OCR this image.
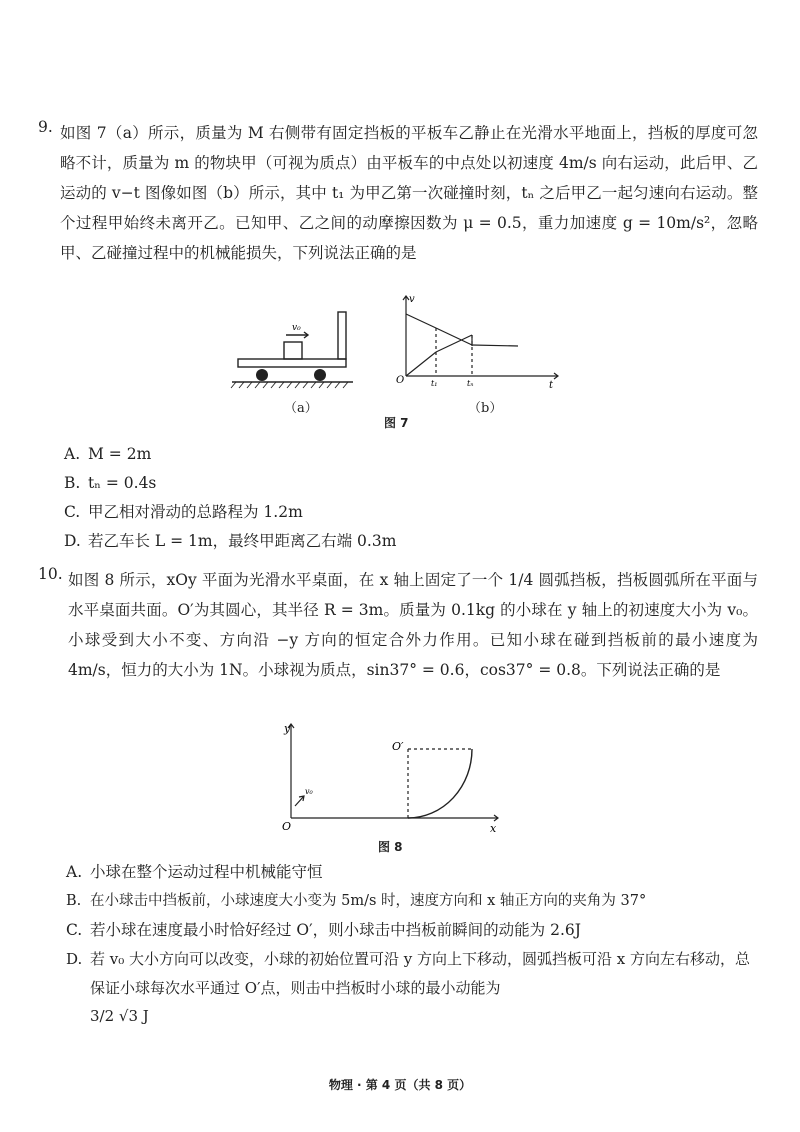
9. 如图 7（a）所示，质量为 M 右侧带有固定挡板的平板车乙静止在光滑水平地面上，挡板的厚度可忽略不计，质量为 m 的物块甲（可视为质点）由平板车的中点处以初速度 4m/s 向右运动，此后甲、乙运动的 v−t 图像如图（b）所示，其中 t₁ 为甲乙第一次碰撞时刻，tₙ 之后甲乙一起匀速向右运动。整个过程甲始终未离开乙。已知甲、乙之间的动摩擦因数为 μ = 0.5，重力加速度 g = 10m/s²，忽略甲、乙碰撞过程中的机械能损失，下列说法正确的是
v₀
v
t
O	t₁	tₙ
（a）	（b）
图 7
A. M = 2m
B. tₙ = 0.4s
C. 甲乙相对滑动的总路程为 1.2m
D. 若乙车长 L = 1m，最终甲距离乙右端 0.3m
10. 如图 8 所示，xOy 平面为光滑水平桌面，在 x 轴上固定了一个 1/4 圆弧挡板，挡板圆弧所在平面与水平桌面共面。O′为其圆心，其半径 R = 3m。质量为 0.1kg 的小球在 y 轴上的初速度大小为 v₀。小球受到大小不变、方向沿 −y 方向的恒定合外力作用。已知小球在碰到挡板前的最小速度为 4m/s，恒力的大小为 1N。小球视为质点，sin37° = 0.6，cos37° = 0.8。下列说法正确的是
y
x
O
O′
v₀
图 8
A. 小球在整个运动过程中机械能守恒
B. 在小球击中挡板前，小球速度大小变为 5m/s 时，速度方向和 x 轴正方向的夹角为 37°
C. 若小球在速度最小时恰好经过 O′，则小球击中挡板前瞬间的动能为 2.6J
D. 若 v₀ 大小方向可以改变，小球的初始位置可沿 y 方向上下移动，圆弧挡板可沿 x 方向左右移动，总保证小球每次水平通过 O′点，则击中挡板时小球的最小动能为
3/2 √3 J
物理 · 第 4 页（共 8 页）
